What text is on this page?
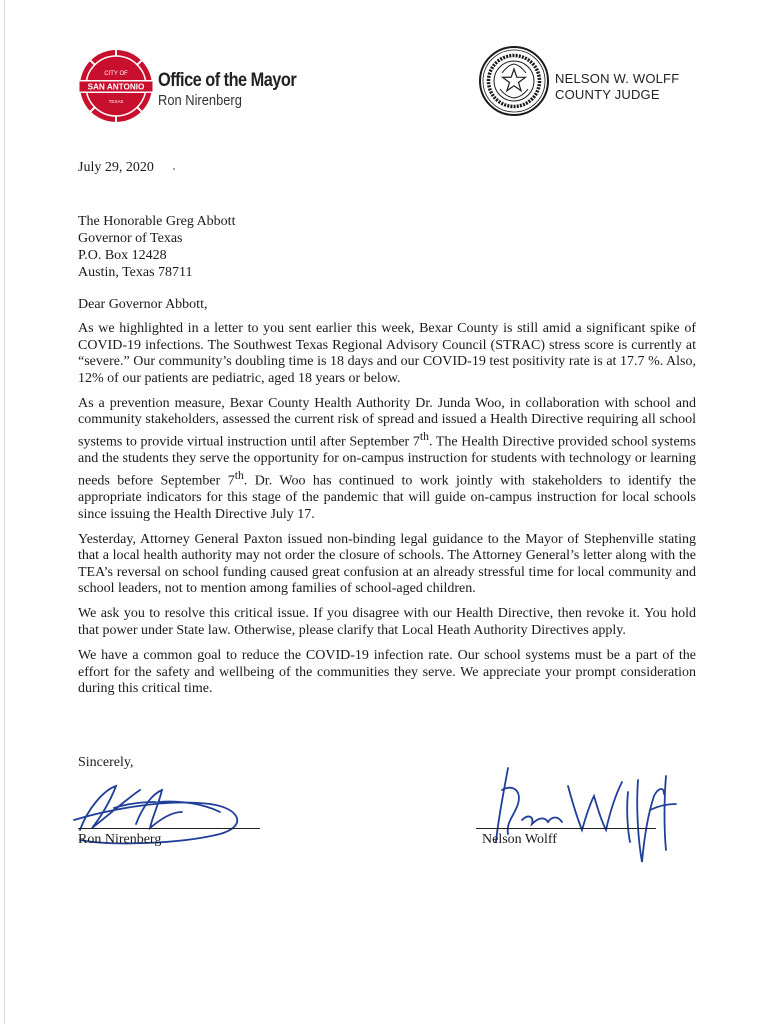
CITY OF
SAN ANTONIO
TEXAS
Office of the Mayor
Ron Nirenberg
NELSON W. WOLFF
COUNTY JUDGE
July 29, 2020
The Honorable Greg Abbott
Governor of Texas
P.O. Box 12428
Austin, Texas 78711
Dear Governor Abbott,

As we highlighted in a letter to you sent earlier this week, Bexar County is still amid a significant spike of COVID-19 infections. The Southwest Texas Regional Advisory Council (STRAC) stress score is currently at “severe.” Our community’s doubling time is 18 days and our COVID-19 test positivity rate is at 17.7 %. Also, 12% of our patients are pediatric, aged 18 years or below.

As a prevention measure, Bexar County Health Authority Dr. Junda Woo, in collaboration with school and community stakeholders, assessed the current risk of spread and issued a Health Directive requiring all school systems to provide virtual instruction until after September 7th. The Health Directive provided school systems and the students they serve the opportunity for on-campus instruction for students with technology or learning needs before September 7th. Dr. Woo has continued to work jointly with stakeholders to identify the appropriate indicators for this stage of the pandemic that will guide on-campus instruction for local schools since issuing the Health Directive July 17.

Yesterday, Attorney General Paxton issued non-binding legal guidance to the Mayor of Stephenville stating that a local health authority may not order the closure of schools. The Attorney General’s letter along with the TEA’s reversal on school funding caused great confusion at an already stressful time for local community and school leaders, not to mention among families of school-aged children.

We ask you to resolve this critical issue. If you disagree with our Health Directive, then revoke it. You hold that power under State law. Otherwise, please clarify that Local Heath Authority Directives apply.

We have a common goal to reduce the COVID-19 infection rate. Our school systems must be a part of the effort for the safety and wellbeing of the communities they serve. We appreciate your prompt consideration during this critical time.

Sincerely,
Ron Nirenberg	Nelson Wolff
